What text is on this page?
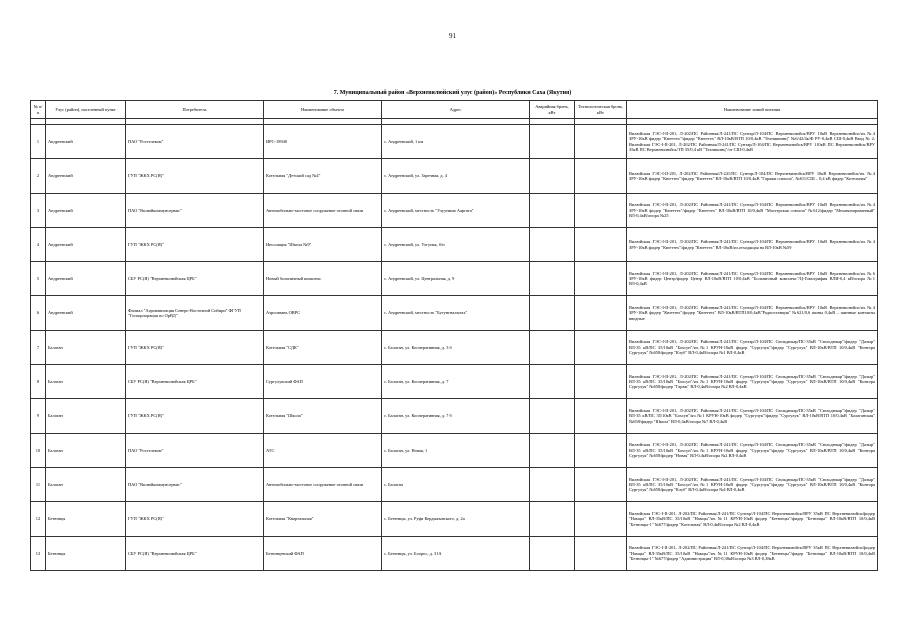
91
7. Муниципальный район «Верхневилюйский улус (район)» Республики Саха (Якутия)
№ п/п	Улус (район), населенный пункт	Потребитель	Наименование объекта	Адрес	Аварийная бронь, кВт	Технологическая бронь, кВт	Наименование линий питания

1	Андреевский	ПАО "Ростелеком"	ИРС-18940	с. Андреевский, 1 км			Вилюйская ГЭС-I-II-201, Л-202/ПС Районная/Л-241/ПС Сунтар/Л-104/ПС Верхневилюйск/ВРУ 10кВ Верхневилюйск/яч.№4 ЗРУ-10кВ фидер "Кюеттех"/фидер "Кюеттех" ВЛ-10кВ/ВТП 10/0,4кВ "Техникнинц" №6/42/4к/Ф РУ-0,4кВ СШ-0,4кВ Ввод № 2: Вилюйская ГЭС-I-II-201, Л-202/ПС Районная/Л-241/ПС Сунтар/Л-104/ПС Верхневилюйск/ВРУ 110кВ ПС Верхневилюйск/ВРУ 35кВ ПС Верхневилюйск/ТП 35/0,4 кВ "Техникинц"/от СШ-0,4кВ
2	Андреевский	ГУП "ЖКХ РС(Я)"	Котельная "Детский сад №4"	с. Андреевский, ул. Заречная, д. 4			Вилюйская ГЭС-I-II-201, Л-202/ПС Районная/Л-241/ПС Сунтар/Л-104/ПС Верхневилюйск/ВРУ 10кВ Верхневилюйск/яч. №4 ЗРУ-10кВ фидер "Кюеттех"/фидер "Кюеттех" ВЛ-10кВ/ВТП 10/0,4кВ "Гаражи совхоза", №611/СШ – 0,4 кВ фидер "Котельная"
3	Андреевский	ПАО "Вилюйкоммунсервис"	Автомобильно-мостовое сооружение отопной связи	с. Андреевский, местность "Улуунмиа Ааргата"			Вилюйская ГЭС-I-II-201, Л-202/ПС Районная/Л-241/ПС Сунтар/Л-104/ПС Верхневилюйск/ВРУ 10кВ Верхневилюйск/яч.№4 ЗРУ-10кВ фидер "Кюеттех"/фидер "Кюеттех" ВЛ-10кВ/ВТП 10/0,4кВ "Мастерская совхоза" №612/фидер "Механизированный" ВЛ-0,4кВ/опора №25
4	Андреевский	ГУП "ЖКХ РС(Я)"	Инсоляция "Школа №9"	с. Андреевский, ул. Улгунья, б/н			Вилюйская ГЭС-I-II-201, Л-202/ПС Районная/Л-241/ПС Сунтар/Л-104/ПС Верхневилюйск/ВРУ 10кВ Верхневилюйск/яч.№4 ЗРУ-10кВ фидер "Кюеттех"/фидер "Кюеттех" ВЛ-10кВ/яч.отходящая на ВЛ-10кВ №59
5	Андреевский	СБУ РС(Я) "Верхневилюйская ЦРБ"	Новый больничный комплекс	с. Андреевский, ул. Центральная, д. 9			Вилюйская ГЭС-I-II-201, Л-202/ПС Районная/Л-241/ПС Сунтар/Л-104/ПС Верхневилюйск/ВРУ 10кВ Верхневилюйск/яч.№6 ЗРУ-10кВ фидер Центр/фидер Центр ВЛ-10кВ/ВТП 10/0,4кВ "Больничный комплекс"/Ц-Гомогрифия ВЛИ-0,4 кВ/опора №1 ВЛ-0,4кВ
6	Андреевский	Филиал "Аэронавигация Северо-Восточной Сибири" ФГУП "Госкорпорация по ОрВД"	Аэрогавань ОВРС	с. Андреевский, местность "Бутунгналытах"			Вилюйская ГЭС-I-II-201, Л-202/ПС Районная/Л-241/ПС Сунтар/Л-104/ПС Верхневилюйск/ВРУ 10кВ Верхневилюйск/яч.№4 ЗРУ-10кВ фидер "Кюеттех"/фидер "Кюеттех" ВЛ-10кВ/ВТП10/0,4кВ"Радиостанция" №621/0,6 шины 0,4кВ – шинные контакты вводные
7	Балаган	ГУП "ЖКХ РС(Я)"	Котельная "СДК"	с. Балаган, ул. Кооперативная, д. 3 б			Вилюйская ГЭС-I-II-201, Л-202/ПС Районная/Л-241/ПС Сунтар/Л-104/ПС Сюльдюкар/ПС-35кВ "Сюльдюкар"/фидер "Далыр" ВЛ-35 кВ/ПС 35/10кВ "Бохсун"/яч.№1 КРУН-10кВ фидер "Сургулук"/фидер "Сургулук" ВЛ-10кВ/ВТП 10/0,4кВ "Контора Сургулук" №658/фидер "Клуб" ВЛ-0,4кВ/опора №1 ВЛ-0,4кВ
8	Балаган	СБУ РС(Я) "Верхневилюйская ЦРБ"	Сургулукский ФАП	с. Балаган, ул. Кооперативная, д. 7			Вилюйская ГЭС-I-II-201, Л-202/ПС Районная/Л-241/ПС Сунтар/Л-104/ПС Сюльдюкар/ПС-35кВ "Сюльдюкар"/фидер "Далыр" ВЛ-35 кВ/ПС 35/10кВ "Бохсун"/яч.№1 КРУН-10кВ фидер "Сургулук"/фидер "Сургулук" ВЛ-10кВ/ВТП 10/0,4кВ "Контора Сургулук" №658/фидер "Гараж" ВЛ-0,4кВ/опора №2 ВЛ-0,4кВ
9	Балаган	ГУП "ЖКХ РС(Я)"	Котельная "Школа"	с. Балаган, ул. Кооперативная, д. 7 б			Вилюйская ГЭС-I-II-201, Л-202/ПС Районная/Л-241/ПС Сунтар/Л-104/ПС Сюльдюкар/ПС-35кВ "Сюльдюкар"/фидер "Далыр" ВЛ-35 кВ/ПС 35/10кВ "Бохсун"/яч.№1 КРУН-10кВ фидер "Сургулук"/фидер "Сургулук" ВЛ-10кВ/ВТП 10/0,4кВ "Балаганская" №658/фидер "Школа" ВЛ-0,4кВ/опора №7 ВЛ-0,4кВ
10	Балаган	ПАО "Ростелеком"	АТС	с. Балаган, ул. Новая, 1			Вилюйская ГЭС-I-II-201, Л-202/ПС Районная/Л-241/ПС Сунтар/Л-104/ПС Сюльдюкар/ПС-35кВ "Сюльдюкар"/фидер "Далыр" ВЛ-35 кВ/ПС 35/10кВ "Бохсун"/яч.№1 КРУН-10кВ фидер "Сургулук"/фидер "Сургулук" ВЛ-10кВ/ВТП 10/0,4кВ "Контора Сургулук" №658/фидер "Новая" ВЛ-0,4кВ/опора №2 ВЛ-0,4кВ
11	Балаган	ПАО "Вилюйкоммунсервис"	Автомобильно-мостовое сооружение отопной связи	с. Балаган			Вилюйская ГЭС-I-II-201, Л-202/ПС Районная/Л-241/ПС Сунтар/Л-104/ПС Сюльдюкар/ПС-35кВ "Сюльдюкар"/фидер "Далыр" ВЛ-35 кВ/ПС 35/10кВ "Бохсун"/яч.№1 КРУН-10кВ фидер "Сургулук"/фидер "Сургулук" ВЛ-10кВ/ВТП 10/0,4кВ "Контора Сургулук" №658/фидер "Клуб" ВЛ-0,4кВ/опора №4 ВЛ-0,4кВ
12	Бетюнцы	ГУП "ЖКХ РС(Я)"	Котельная "Квартальная"	с. Бетюнцы, ул. Руфа Кердыкынского, д. 2а			Вилюйская ГЭС-I-II-201, Л-202/ПС Районная/Л-241/ПС Сунтар/Л-104/ПС Верхневилюйск/ВРУ 35кВ ПС Верхневилюйск/фидер "Намцы" ВЛ-35кВ/ПС 35/10кВ "Намцы"/яч.№11 КРУН-10кВ фидер "Бетюнцы"/фидер "Бетюнцы" ВЛ-10кВ/ВТП 10/0,4кВ "Бетюнцы-1" №677/фидер "Котельная" ВЛ-0,4кВ/опора №2 ВЛ-0,4кВ
13	Бетюнцы	СБУ РС(Я) "Верхневилюйская ЦРБ"	Бетюнцевский ФАП	с. Бетюнцы, ул. Боорос, д. 31А			Вилюйская ГЭС-I-II-201, Л-202/ПС Районная/Л-241/ПС Сунтар/Л-104/ПС Верхневилюйск/ВРУ 35кВ ПС Верхневилюйск/фидер "Намцы" ВЛ-35кВ/ПС 35/10кВ "Намцы"/яч.№11 КРУН-10кВ фидер "Бетюнцы"/фидер "Бетюнцы" ВЛ-10кВ/ВТП 10/0,4кВ "Бетюнцы-1" №677/фидер "Администрация" ВЛ-0,38кВ/опора №3 ВЛ-0,38кВ
